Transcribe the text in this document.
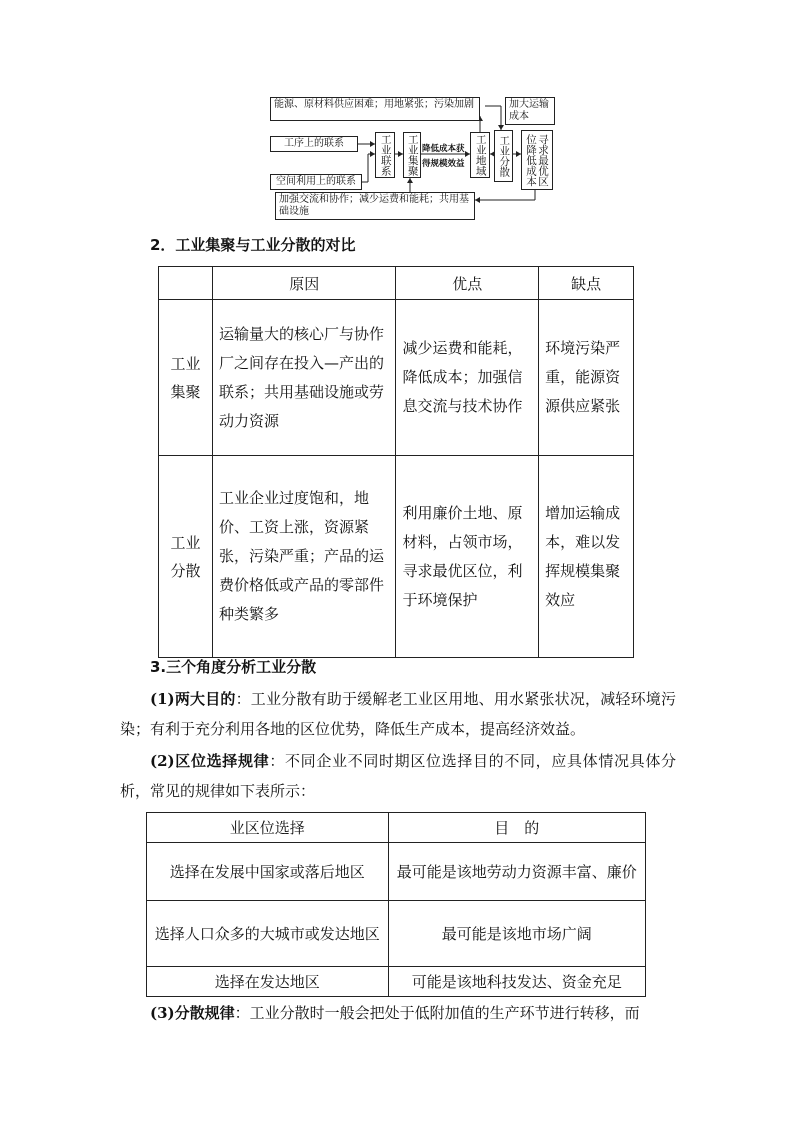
能源、原材料供应困难；用地紧张；污染加剧	加大运输成本
工序上的联系
空间利用上的联系
加强交流和协作；减少运费和能耗；共用基础设施
工业联系 工业集聚	工业地域 工业分散	寻求最优区位降低成本
降低成本获
得规模效益
2．工业集聚与工业分散的对比
	原因	优点	缺点

工业集聚	运输量大的核心厂与协作厂之间存在投入—产出的联系；共用基础设施或劳动力资源	减少运费和能耗，降低成本；加强信息交流与技术协作	环境污染严重，能源资源供应紧张

工业分散	工业企业过度饱和，地价、工资上涨，资源紧张，污染严重；产品的运费价格低或产品的零部件种类繁多	利用廉价土地、原材料，占领市场，寻求最优区位，利于环境保护	增加运输成本，难以发挥规模集聚效应
3.三个角度分析工业分散
(1)两大目的：工业分散有助于缓解老工业区用地、用水紧张状况，减轻环境污染；有利于充分利用各地的区位优势，降低生产成本，提高经济效益。
(2)区位选择规律：不同企业不同时期区位选择目的不同，应具体情况具体分析，常见的规律如下表所示：
业区位选择	目　的
选择在发展中国家或落后地区	最可能是该地劳动力资源丰富、廉价
选择人口众多的大城市或发达地区	最可能是该地市场广阔
选择在发达地区	可能是该地科技发达、资金充足
(3)分散规律：工业分散时一般会把处于低附加值的生产环节进行转移，而
